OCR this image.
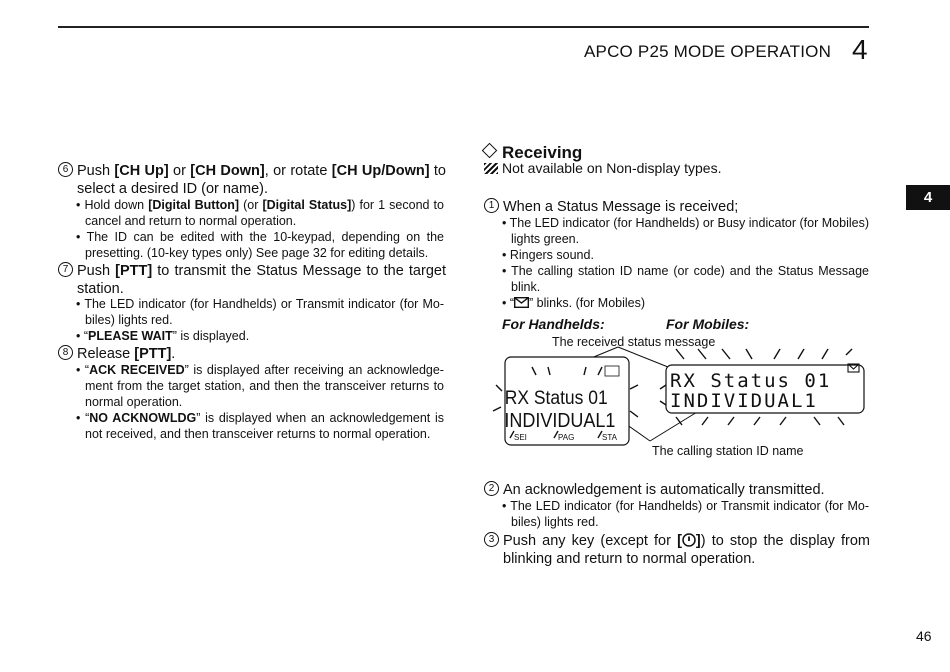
APCO P25 MODE OPERATION 4
4
46
6 Push [CH Up] or [CH Down], or rotate [CH Up/Down] to select a desired ID (or name).
• Hold down [Digital Button] (or [Digital Status]) for 1 second to cancel and return to normal operation.
• The ID can be edited with the 10-keypad, depending on the presetting. (10-key types only) See page 32 for editing details.
7 Push [PTT] to transmit the Status Message to the target station.
• The LED indicator (for Handhelds) or Transmit indicator (for Mo- biles) lights red.
• “PLEASE WAIT” is displayed.
8 Release [PTT].
• “ACK RECEIVED” is displayed after receiving an acknowledge- ment from the target station, and then the transceiver returns to normal operation.
• “NO ACKNOWLDG” is displayed when an acknowledgement is not received, and then transceiver returns to normal operation.
Receiving
Not available on Non-display types.
1 When a Status Message is received;
• The LED indicator (for Handhelds) or Busy indicator (for Mobiles) lights green.
• Ringers sound.
• The calling station ID name (or code) and the Status Message blink.
• “ ” blinks. (for Mobiles)
For Handhelds:	For Mobiles:
The received status message
The calling station ID name
RX Status 01
INDIVIDUAL1
SEI	PAG	STA
RX Status 01
INDIVIDUAL1
2 An acknowledgement is automatically transmitted.
• The LED indicator (for Handhelds) or Transmit indicator (for Mo- biles) lights red.
3 Push any key (except for [ ]) to stop the display from blinking and return to normal operation.
